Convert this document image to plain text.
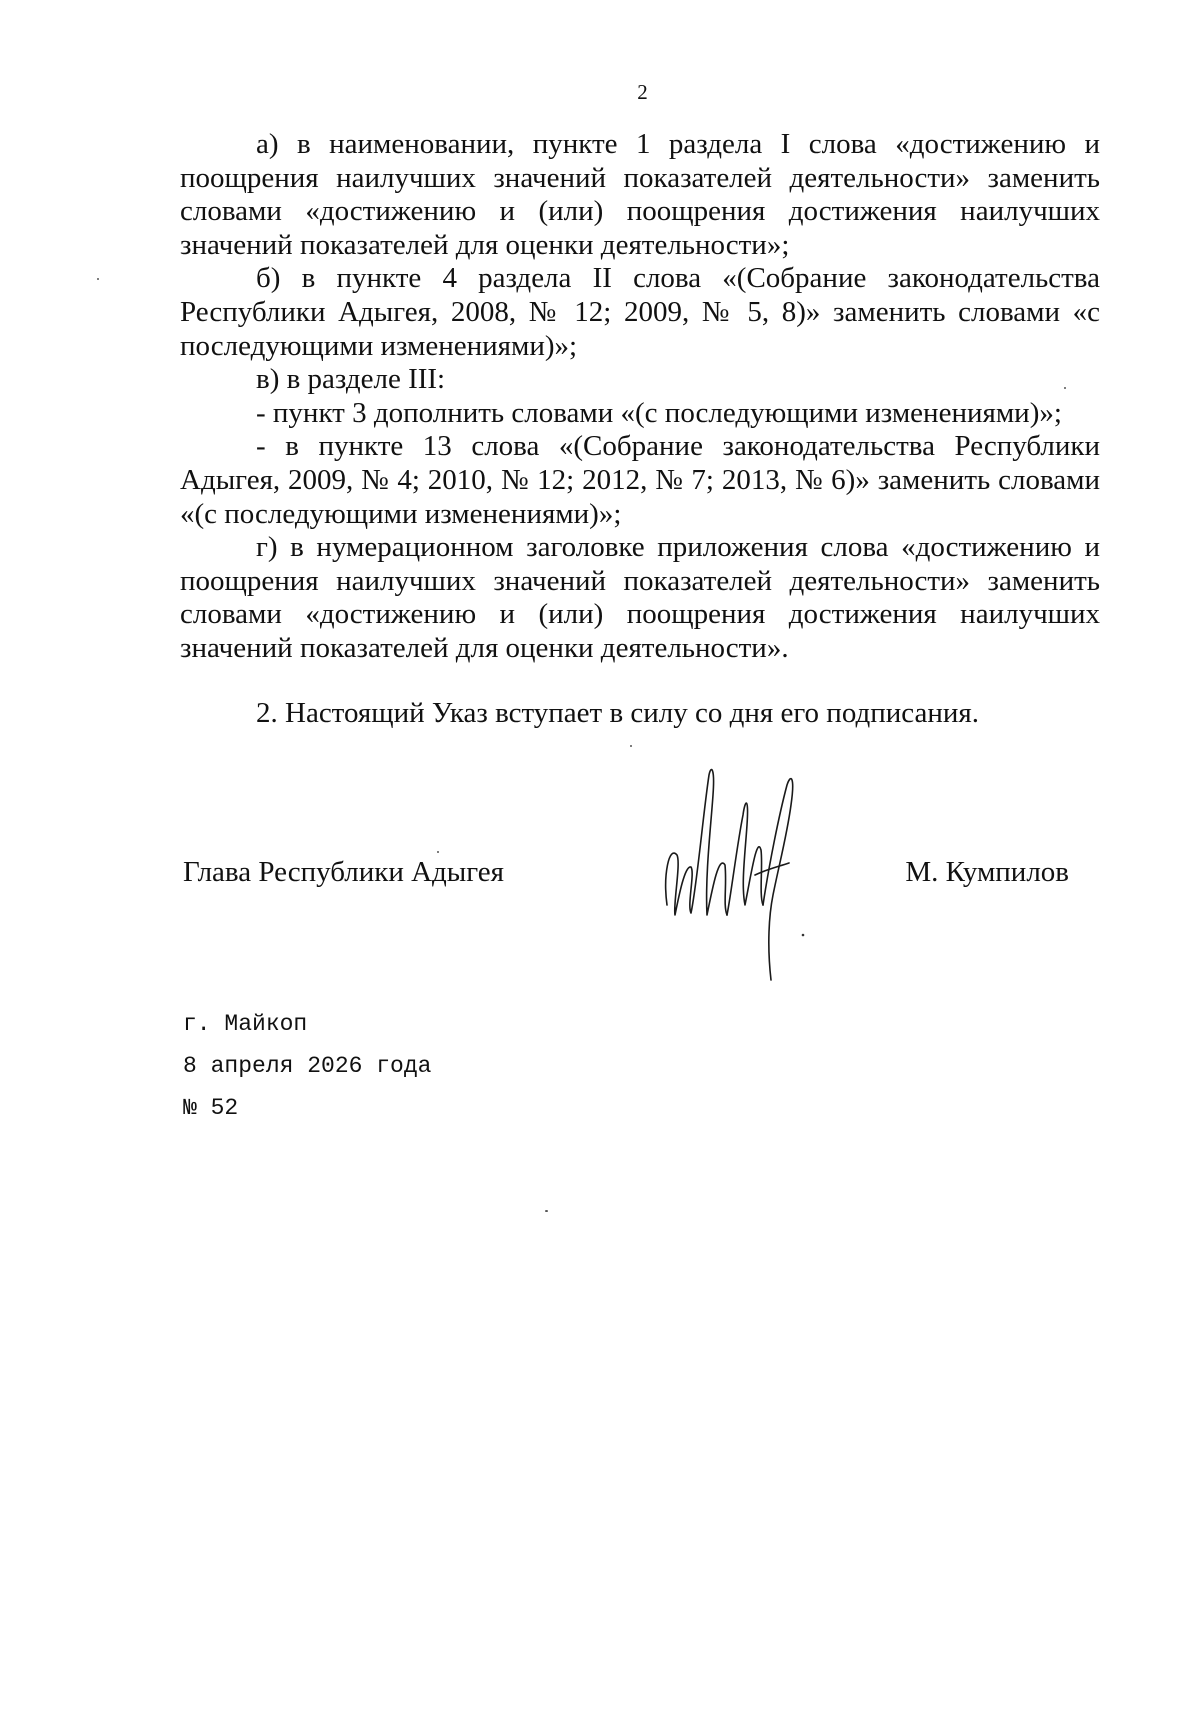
2

а) в наименовании, пункте 1 раздела I слова «достижению и поощрения наилучших значений показателей деятельности» заменить словами «достижению и (или) поощрения достижения наилучших значений показателей для оценки деятельности»;

б) в пункте 4 раздела II слова «(Собрание законодательства Республики Адыгея, 2008, № 12; 2009, № 5, 8)» заменить словами «с последующими изменениями)»;

в) в разделе III:

- пункт 3 дополнить словами «(с последующими изменениями)»;

- в пункте 13 слова «(Собрание законодательства Республики Адыгея, 2009, № 4; 2010, № 12; 2012, № 7; 2013, № 6)» заменить словами «(с последующими изменениями)»;

г) в нумерационном заголовке приложения слова «достижению и поощрения наилучших значений показателей деятельности» заменить словами «достижению и (или) поощрения достижения наилучших значений показателей для оценки деятельности».

2. Настоящий Указ вступает в силу со дня его подписания.

Глава Республики Адыгея	М. Кумпилов
г. Майкоп
8 апреля 2026 года
№ 52
